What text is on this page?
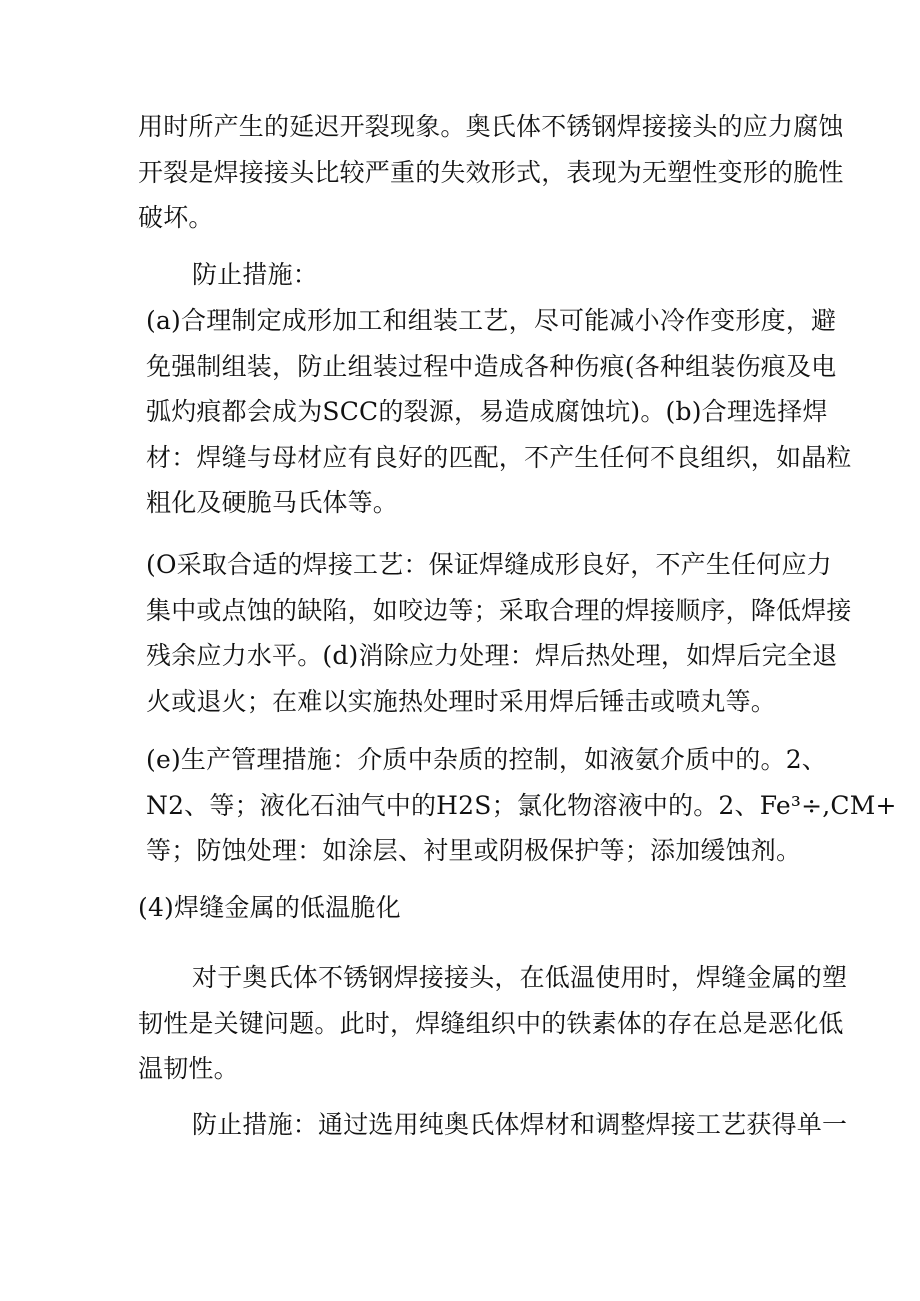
用时所产生的延迟开裂现象。奥氏体不锈钢焊接接头的应力腐蚀
开裂是焊接接头比较严重的失效形式，表现为无塑性变形的脆性
破坏。
防止措施：
(a)合理制定成形加工和组装工艺，尽可能减小冷作变形度，避
免强制组装，防止组装过程中造成各种伤痕(各种组装伤痕及电
弧灼痕都会成为SCC的裂源，易造成腐蚀坑)。(b)合理选择焊
材：焊缝与母材应有良好的匹配，不产生任何不良组织，如晶粒
粗化及硬脆马氏体等。
(O采取合适的焊接工艺：保证焊缝成形良好，不产生任何应力
集中或点蚀的缺陷，如咬边等；采取合理的焊接顺序，降低焊接
残余应力水平。(d)消除应力处理：焊后热处理，如焊后完全退
火或退火；在难以实施热处理时采用焊后锤击或喷丸等。
(e)生产管理措施：介质中杂质的控制，如液氨介质中的。2、
N2、等；液化石油气中的H2S；氯化物溶液中的。2、Fe³÷,CM+
等；防蚀处理：如涂层、衬里或阴极保护等；添加缓蚀剂。
(4)焊缝金属的低温脆化
对于奥氏体不锈钢焊接接头，在低温使用时，焊缝金属的塑
韧性是关键问题。此时，焊缝组织中的铁素体的存在总是恶化低
温韧性。
防止措施：通过选用纯奥氏体焊材和调整焊接工艺获得单一
